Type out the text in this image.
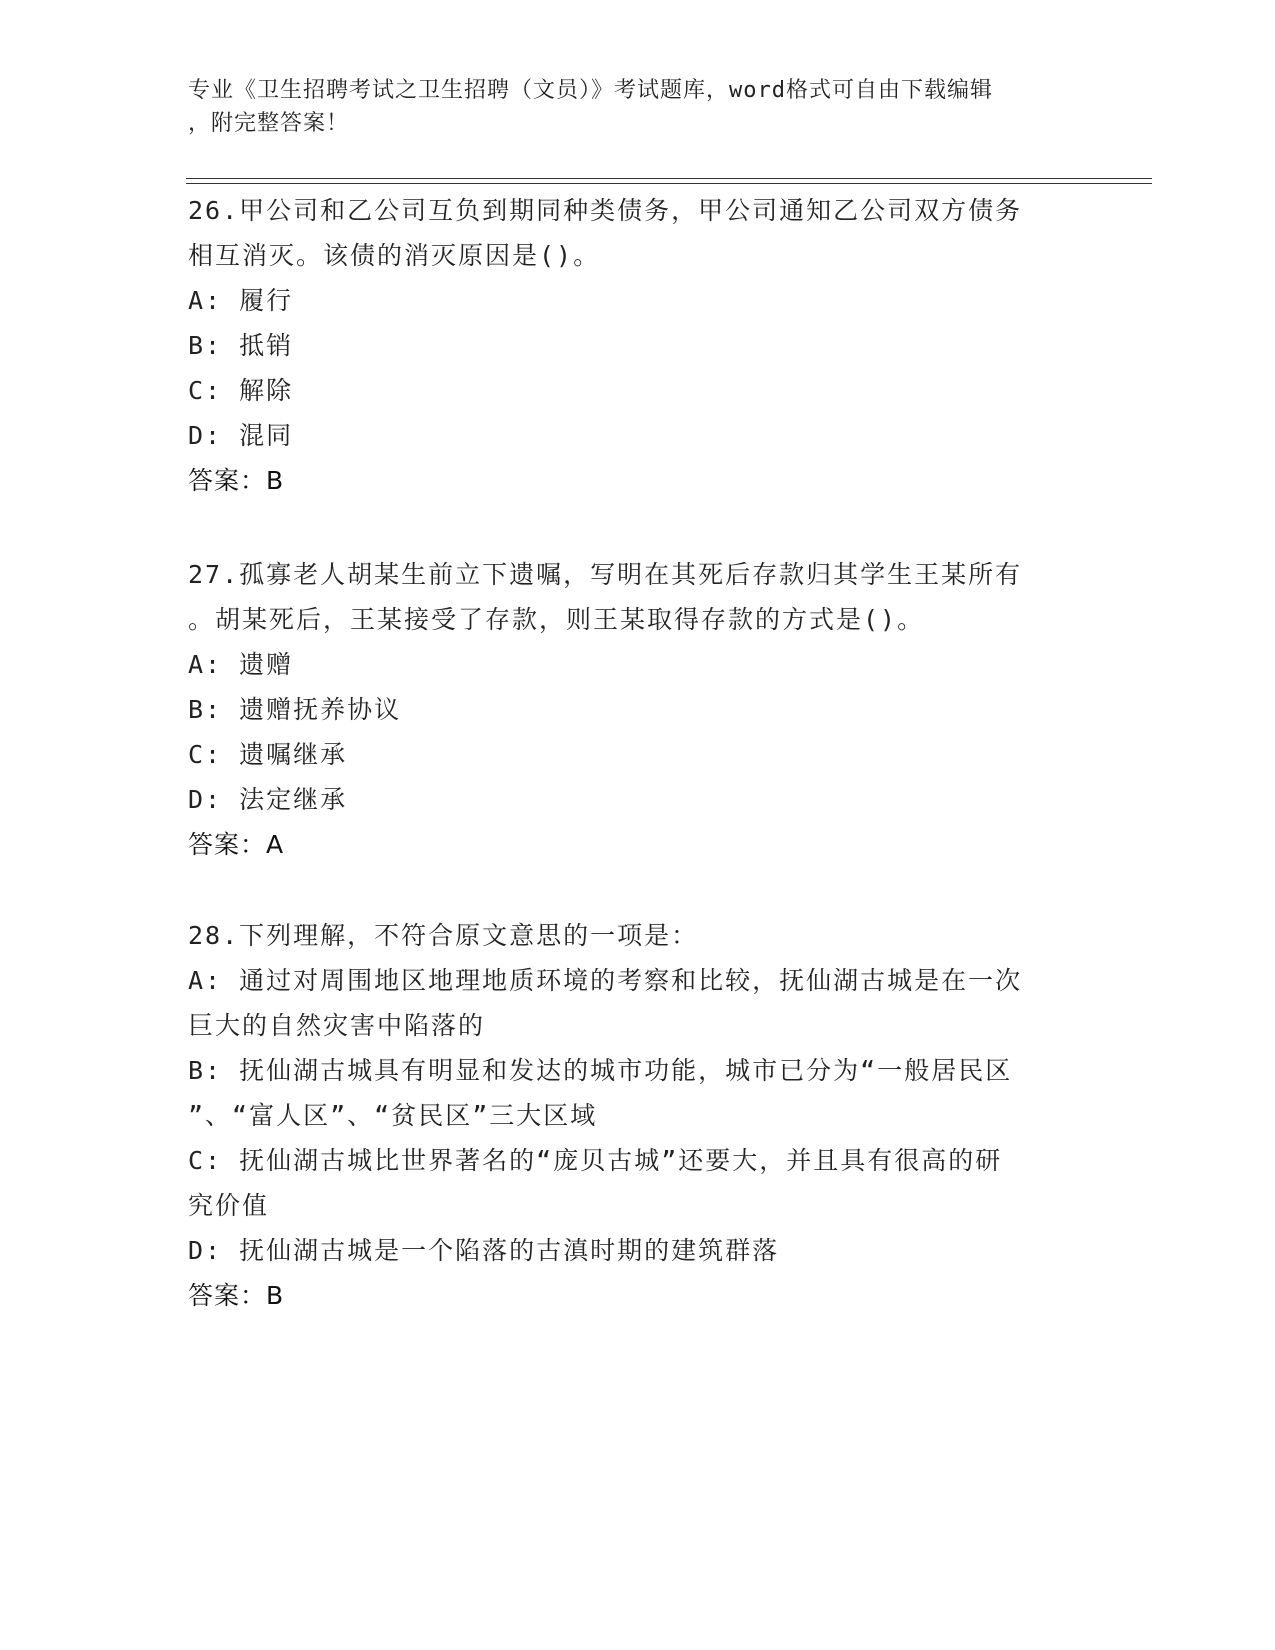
专业《卫生招聘考试之卫生招聘（文员）》考试题库，word格式可自由下载编辑
，附完整答案！
26.甲公司和乙公司互负到期同种类债务，甲公司通知乙公司双方债务
相互消灭。该债的消灭原因是()。
A: 履行
B: 抵销
C: 解除
D: 混同
答案：B
27.孤寡老人胡某生前立下遗嘱，写明在其死后存款归其学生王某所有
。胡某死后，王某接受了存款，则王某取得存款的方式是()。
A: 遗赠
B: 遗赠抚养协议
C: 遗嘱继承
D: 法定继承
答案：A
28.下列理解，不符合原文意思的一项是：
A: 通过对周围地区地理地质环境的考察和比较，抚仙湖古城是在一次
巨大的自然灾害中陷落的
B: 抚仙湖古城具有明显和发达的城市功能，城市已分为“一般居民区
”、“富人区”、“贫民区”三大区域
C: 抚仙湖古城比世界著名的“庞贝古城”还要大，并且具有很高的研
究价值
D: 抚仙湖古城是一个陷落的古滇时期的建筑群落
答案：B
